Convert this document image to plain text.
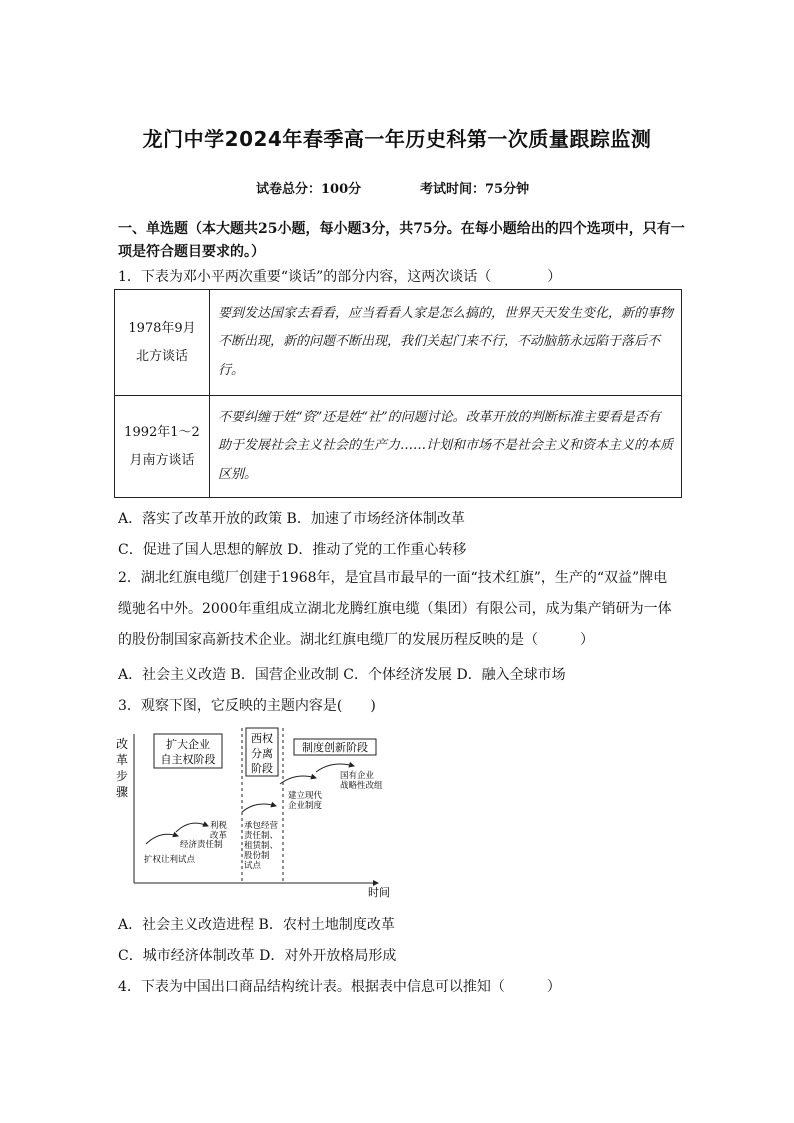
龙门中学2024年春季高一年历史科第一次质量跟踪监测
试卷总分：100分	考试时间：75分钟
一、单选题（本大题共25小题，每小题3分，共75分。在每小题给出的四个选项中，只有一项是符合题目要求的。）
1．下表为邓小平两次重要“谈话”的部分内容，这两次谈话（　　　　）
1978年9月
北方谈话	要到发达国家去看看，应当看看人家是怎么搞的，世界天天发生变化，新的事物不断出现，新的问题不断出现，我们关起门来不行，不动脑筋永远陷于落后不行。

1992年1～2
月南方谈话	不要纠缠于姓“资”还是姓“社”的问题讨论。改革开放的判断标准主要看是否有助于发展社会主义社会的生产力……计划和市场不是社会主义和资本主义的本质区别。
A．落实了改革开放的政策 B．加速了市场经济体制改革
C．促进了国人思想的解放 D．推动了党的工作重心转移
2．湖北红旗电缆厂创建于1968年，是宜昌市最早的一面“技术红旗”，生产的“双益”牌电缆驰名中外。2000年重组成立湖北龙腾红旗电缆（集团）有限公司，成为集产销研为一体的股份制国家高新技术企业。湖北红旗电缆厂的发展历程反映的是（　　　）
A．社会主义改造 B．国营企业改制 C．个体经济发展 D．融入全球市场
3．观察下图，它反映的主题内容是(　　)
改
革
步
骤
时间
扩大企业
自主权阶段
西权
分离
阶段
制度创新阶段
扩权让利试点
经济责任制
利税
改革
承包经营
责任制、
租赁制、
股份制
试点
建立现代
企业制度
国有企业
战略性改组
A．社会主义改造进程 B．农村土地制度改革
C．城市经济体制改革 D．对外开放格局形成
4．下表为中国出口商品结构统计表。根据表中信息可以推知（　　　）
